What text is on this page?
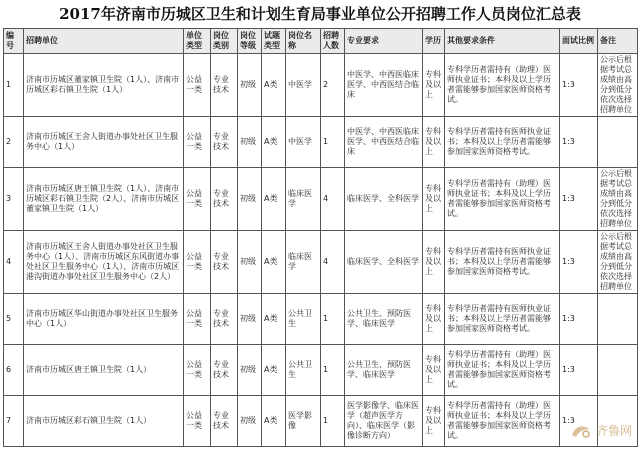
2017年济南市历城区卫生和计划生育局事业单位公开招聘工作人员岗位汇总表
编号	招聘单位	单位类型	岗位类别	岗位等级	试题类型	岗位名称	招聘人数	专业要求	学历	其他要求条件	面试比例	备注
1	济南市历城区董家镇卫生院（1人）、济南市历城区彩石镇卫生院（1人）	公益一类	专业技术	初级	A类	中医学	2	中医学、中西医临床医学、中西医结合临床	专科及以上	专科学历者需持有（助理）医师执业证书；本科及以上学历者需能够参加国家医师资格考试。	1:3	公示后根据考试总成绩由高分到低分依次选择招聘单位
2	济南市历城区王舍人街道办事处社区卫生服务中心（1人）	公益一类	专业技术	初级	A类	中医学	1	中医学、中西医临床医学、中西医结合临床	专科及以上	专科学历者需持有医师执业证书；本科及以上学历者需能够参加国家医师资格考试。	1:3	
3	济南市历城区唐王镇卫生院（1人）、济南市历城区彩石镇卫生院（2人）、济南市历城区董家镇卫生院（1人）	公益一类	专业技术	初级	A类	临床医学	4	临床医学、全科医学	专科及以上	专科学历者需持有（助理）医师执业证书；本科及以上学历者需能够参加国家医师资格考试。	1:3	公示后根据考试总成绩由高分到低分依次选择招聘单位
4	济南市历城区王舍人街道办事处社区卫生服务中心（1人）、济南市历城区东风街道办事处社区卫生服务中心（1人）、济南市历城区港沟街道办事处社区卫生服务中心（2人）	公益一类	专业技术	初级	A类	临床医学	4	临床医学、全科医学	专科及以上	专科学历者需持有医师执业证书；本科及以上学历者需能够参加国家医师资格考试。	1:3	公示后根据考试总成绩由高分到低分依次选择招聘单位
5	济南市历城区华山街道办事处社区卫生服务中心（1人）	公益一类	专业技术	初级	A类	公共卫生	1	公共卫生、预防医学、临床医学	专科及以上	专科学历者需持有医师执业证书；本科及以上学历者需能够参加国家医师资格考试。	1:3	
6	济南市历城区唐王镇卫生院（1人）	公益一类	专业技术	初级	A类	公共卫生	1	公共卫生、预防医学、临床医学	专科及以上	专科学历者需持有（助理）医师执业证书；本科及以上学历者需能够参加国家医师资格考试。	1:3	
7	济南市历城区彩石镇卫生院（1人）	公益一类	专业技术	初级	A类	医学影像	1	医学影像学、临床医学（超声医学方向）、临床医学（影像诊断方向）	专科及以上	专科学历者需持有（助理）医师执业证书；本科及以上学历者需能够参加国家医师资格考试。	1:3	
齐鲁网
